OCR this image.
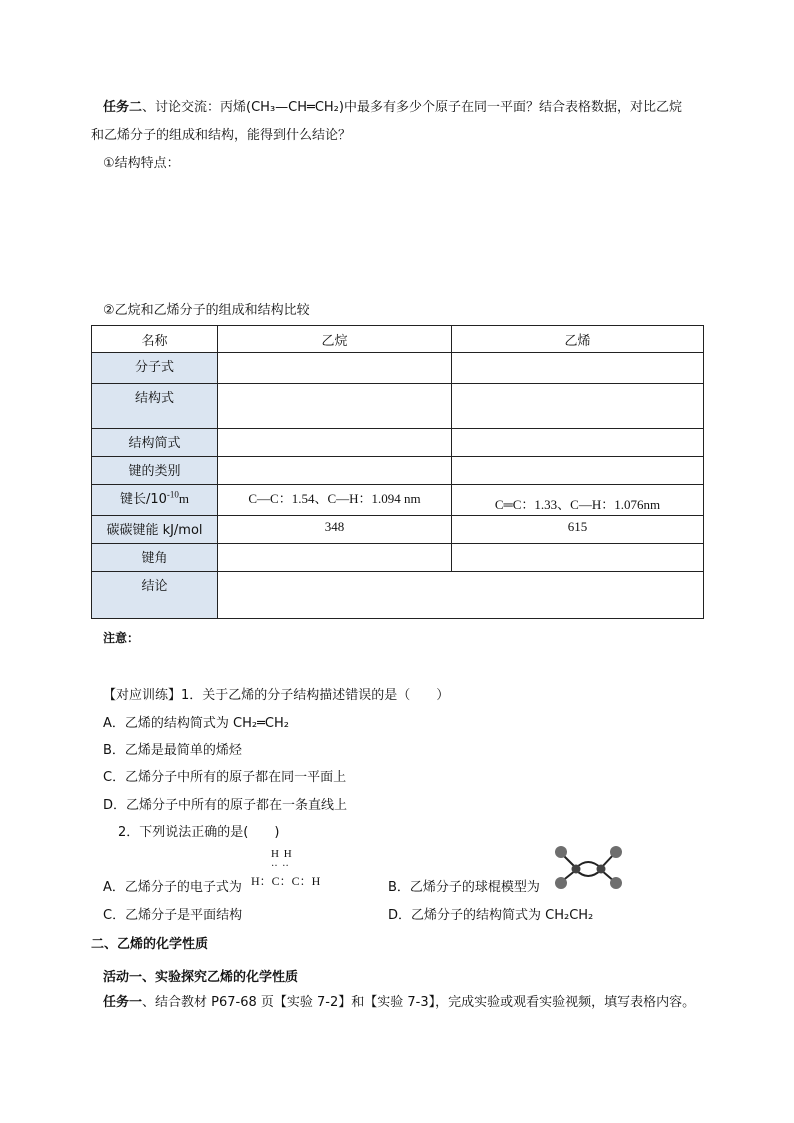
任务二、讨论交流：丙烯(CH₃—CH═CH₂)中最多有多少个原子在同一平面？结合表格数据，对比乙烷
和乙烯分子的组成和结构，能得到什么结论？
①结构特点：
②乙烷和乙烯分子的组成和结构比较
名称	乙烷	乙烯

分子式		

结构式		

结构简式		

键的类别		

键长$/10^{-10}m$	C—C：1.54、C—H：1.094 nm	C═C：1.33、C—H：1.076nm

碳碳键能 kJ/mol	348	615

键角		

结论		

注意：
【对应训练】1．关于乙烯的分子结构描述错误的是（　　）
A．乙烯的结构简式为 CH₂═CH₂
B．乙烯是最简单的烯烃
C．乙烯分子中所有的原子都在同一平面上
D．乙烯分子中所有的原子都在一条直线上
2．下列说法正确的是(　　)
A．乙烯分子的电子式为
H H
‥ ‥
H：C：C：H	B．乙烯分子的球棍模型为
C．乙烯分子是平面结构	D．乙烯分子的结构简式为 CH₂CH₂
二、乙烯的化学性质
活动一、实验探究乙烯的化学性质
任务一、结合教材 P67-68 页【实验 7-2】和【实验 7-3】，完成实验或观看实验视频，填写表格内容。
